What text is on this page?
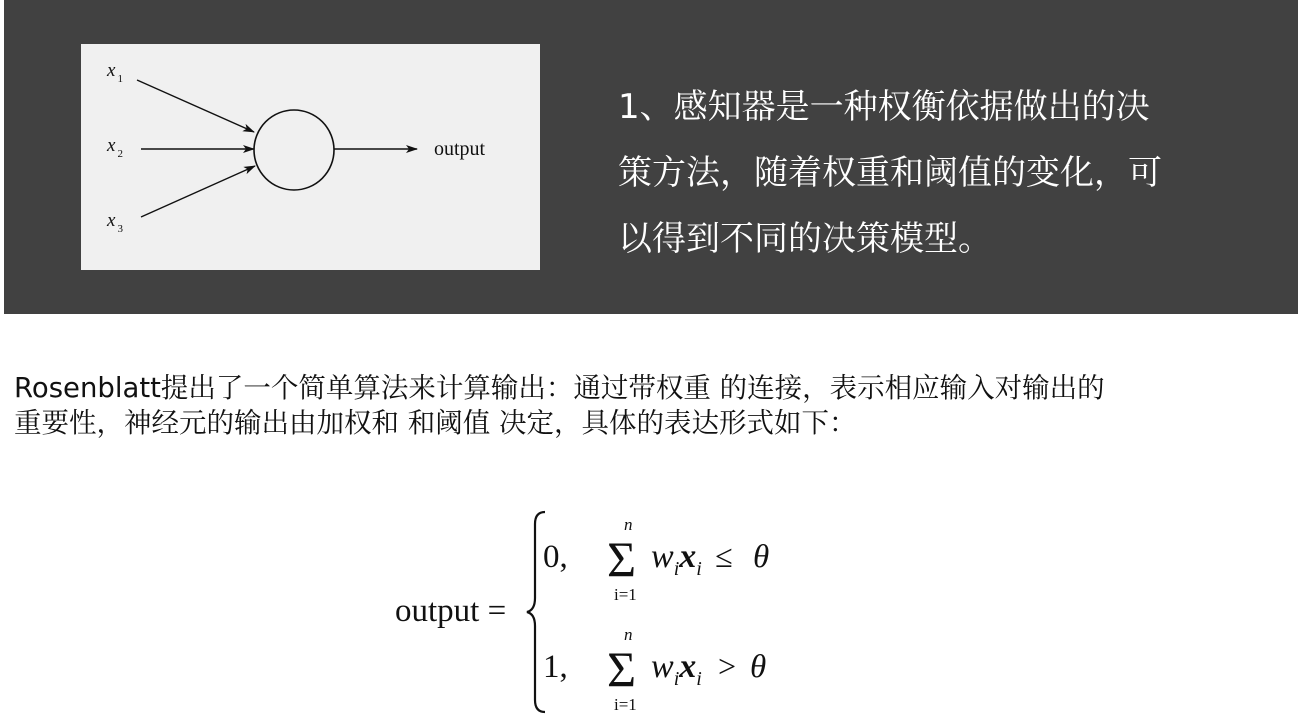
x $_1$
x $_2$
x $_3$
output
1、感知器是一种权衡依据做出的决
策方法，随着权重和阈值的变化，可
以得到不同的决策模型。
Rosenblatt提出了一个简单算法来计算输出：通过带权重 的连接，表示相应输入对输出的
重要性，神经元的输出由加权和 和阈值 决定，具体的表达形式如下：
output =
0,
n
Σ
i=1
$w_ix_i \le \theta$
1,
n
Σ
i=1
$w_ix_i > \theta$
